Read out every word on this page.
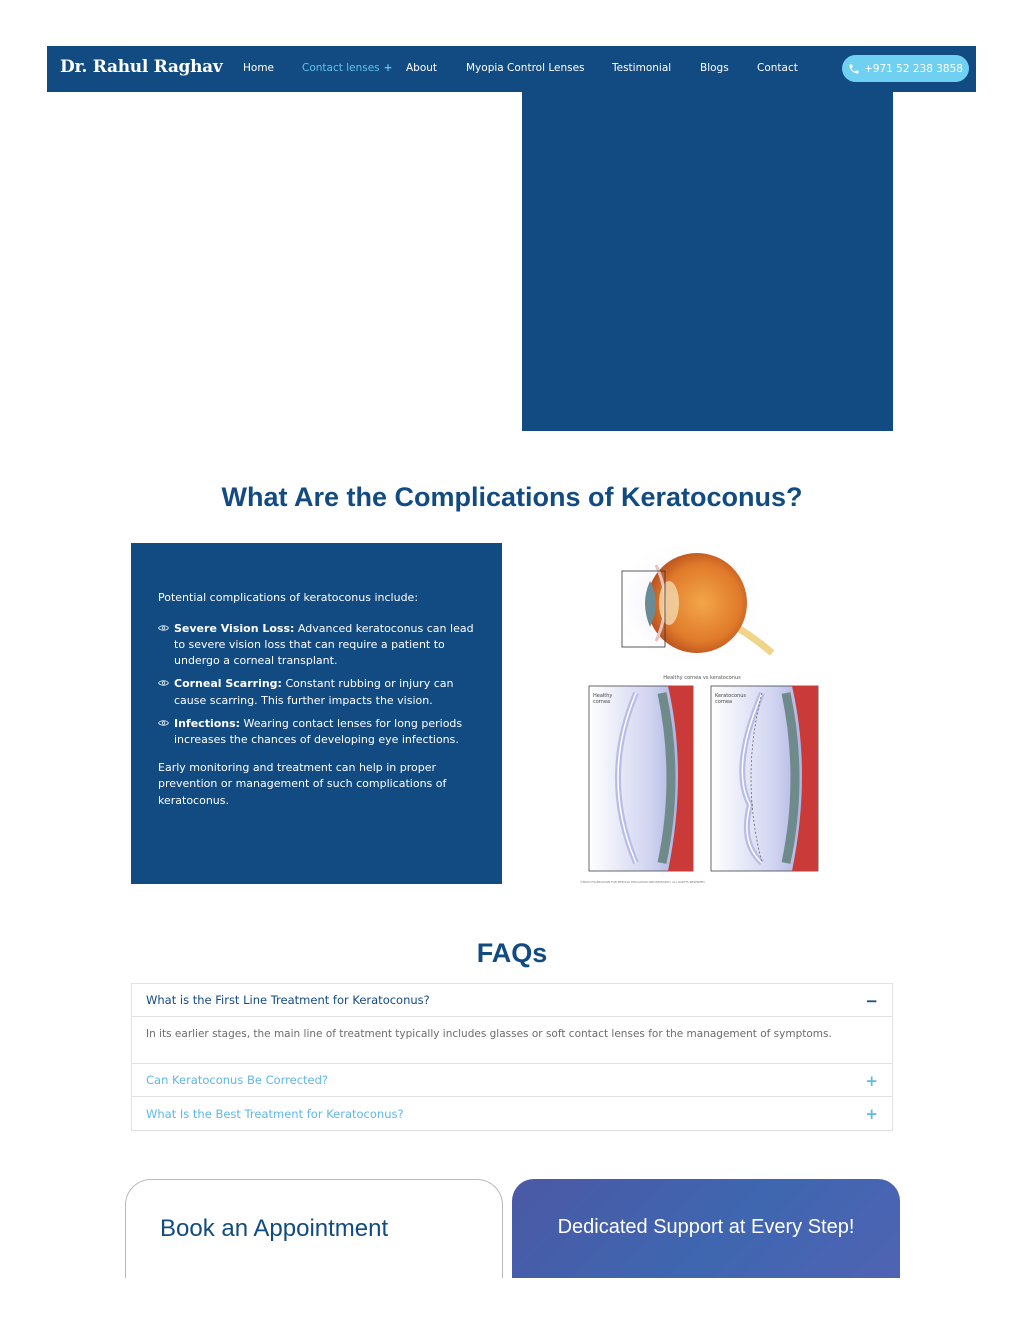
Dr. Rahul Raghav Home	Contact lenses + About	Myopia Control Lenses	Testimonial	Blogs	Contact	+971 52 238 3858
What Are the Complications of Keratoconus?

Potential complications of keratoconus include:

Severe Vision Loss: Advanced keratoconus can lead to severe vision loss that can require a patient to undergo a corneal transplant.
Corneal Scarring: Constant rubbing or injury can cause scarring. This further impacts the vision.
Infections: Wearing contact lenses for long periods increases the chances of developing eye infections.

Early monitoring and treatment can help in proper prevention or management of such complications of keratoconus.

Healthy cornea vs keratoconus
Healthy
cornea
Keratoconus
cornea
©MAYO FOUNDATION FOR MEDICAL EDUCATION AND RESEARCH. ALL RIGHTS RESERVED.
FAQs
What is the First Line Treatment for Keratoconus?	−
In its earlier stages, the main line of treatment typically includes glasses or soft contact lenses for the management of symptoms.
Can Keratoconus Be Corrected?	+
What Is the Best Treatment for Keratoconus?	+
Book an Appointment	Dedicated Support at Every Step!
